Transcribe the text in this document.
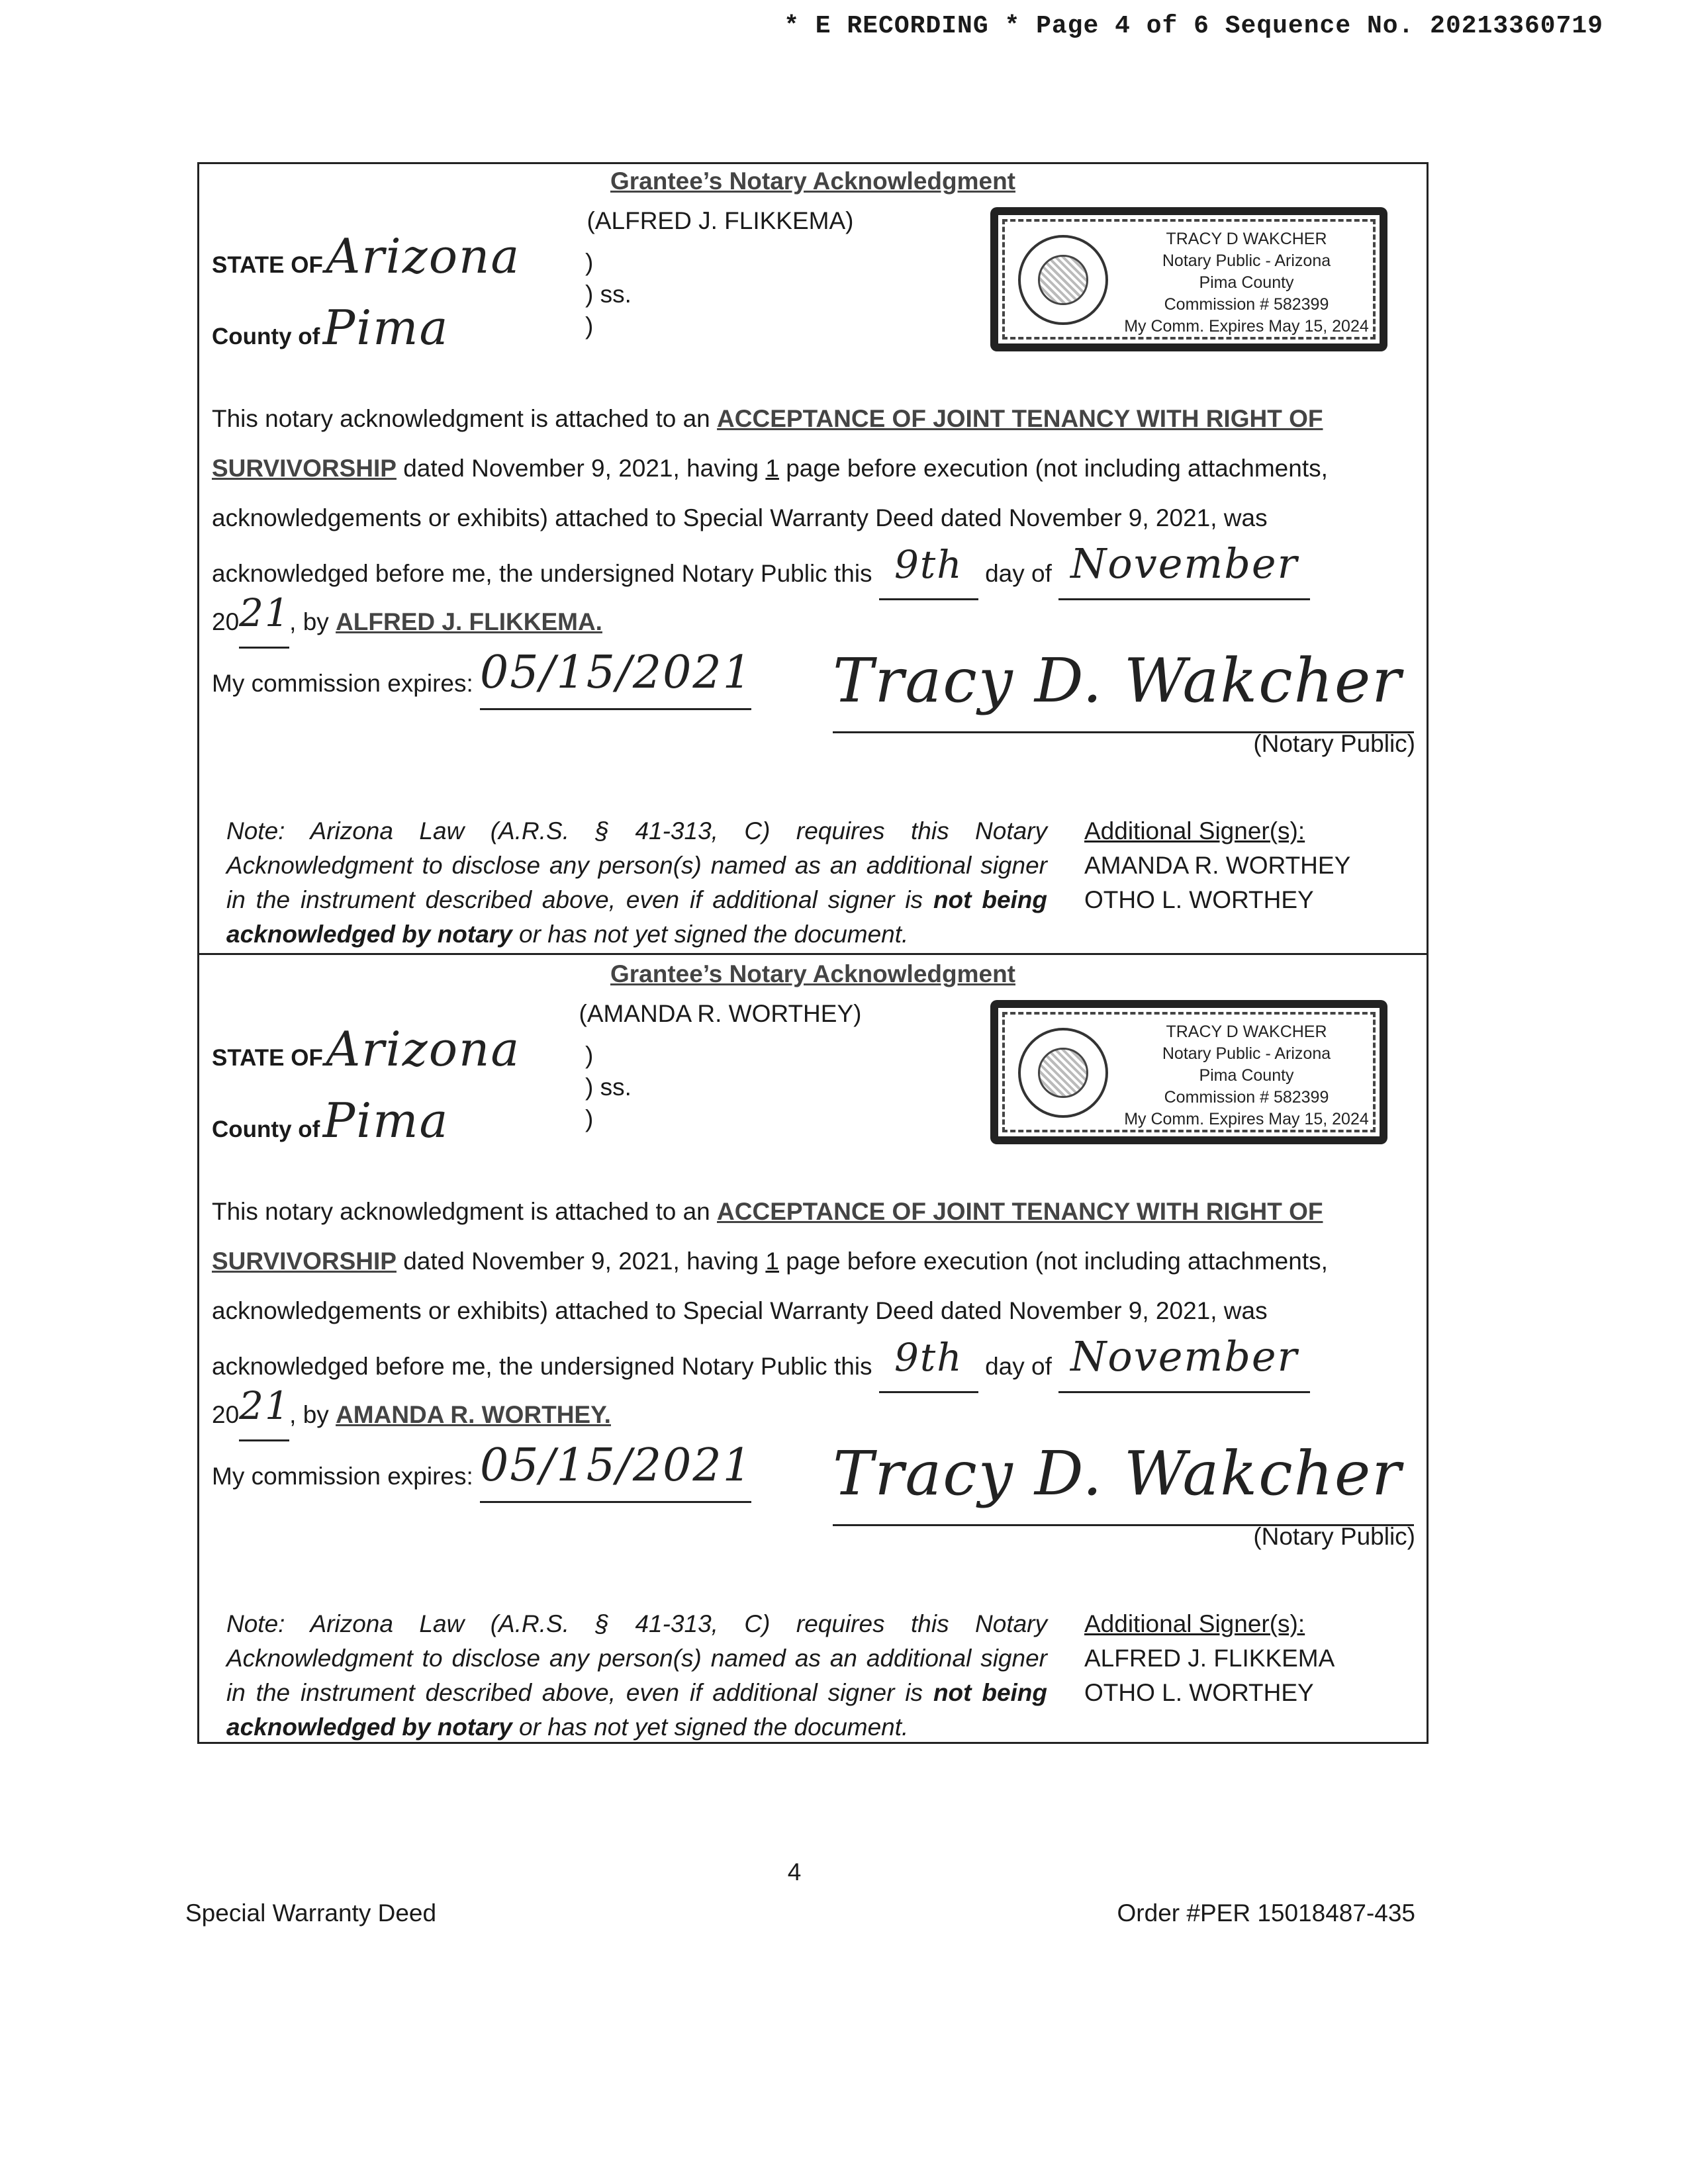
* E RECORDING * Page 4 of 6 Sequence No. 20213360719
Grantee’s Notary Acknowledgment
(ALFRED J. FLIKKEMA)
STATE OF Arizona
County of Pima
)
) ss.
)
TRACY D WAKCHER
Notary Public - Arizona
Pima County
Commission # 582399
My Comm. Expires May 15, 2024
This notary acknowledgment is attached to an ACCEPTANCE OF JOINT TENANCY WITH RIGHT OF
SURVIVORSHIP dated November 9, 2021, having 1 page before execution (not including attachments,
acknowledgements or exhibits) attached to Special Warranty Deed dated November 9, 2021, was
acknowledged before me, the undersigned Notary Public this 9th day of November
2021, by ALFRED J. FLIKKEMA.
My commission expires: 05/15/2021 Tracy D. Wakcher
(Notary Public)
Note: Arizona Law (A.R.S. § 41-313, C) requires this Notary Acknowledgment to disclose any person(s) named as an additional signer in the instrument described above, even if additional signer is not being acknowledged by notary or has not yet signed the document.
Additional Signer(s):
AMANDA R. WORTHEY
OTHO L. WORTHEY
Grantee’s Notary Acknowledgment
(AMANDA R. WORTHEY)
STATE OF Arizona
County of Pima
)
) ss.
)
TRACY D WAKCHER
Notary Public - Arizona
Pima County
Commission # 582399
My Comm. Expires May 15, 2024
This notary acknowledgment is attached to an ACCEPTANCE OF JOINT TENANCY WITH RIGHT OF
SURVIVORSHIP dated November 9, 2021, having 1 page before execution (not including attachments,
acknowledgements or exhibits) attached to Special Warranty Deed dated November 9, 2021, was
acknowledged before me, the undersigned Notary Public this 9th day of November
2021, by AMANDA R. WORTHEY.
My commission expires: 05/15/2021 Tracy D. Wakcher
(Notary Public)
Note: Arizona Law (A.R.S. § 41-313, C) requires this Notary Acknowledgment to disclose any person(s) named as an additional signer in the instrument described above, even if additional signer is not being acknowledged by notary or has not yet signed the document.
Additional Signer(s):
ALFRED J. FLIKKEMA
OTHO L. WORTHEY
4
Special Warranty Deed	Order #PER 15018487-435
